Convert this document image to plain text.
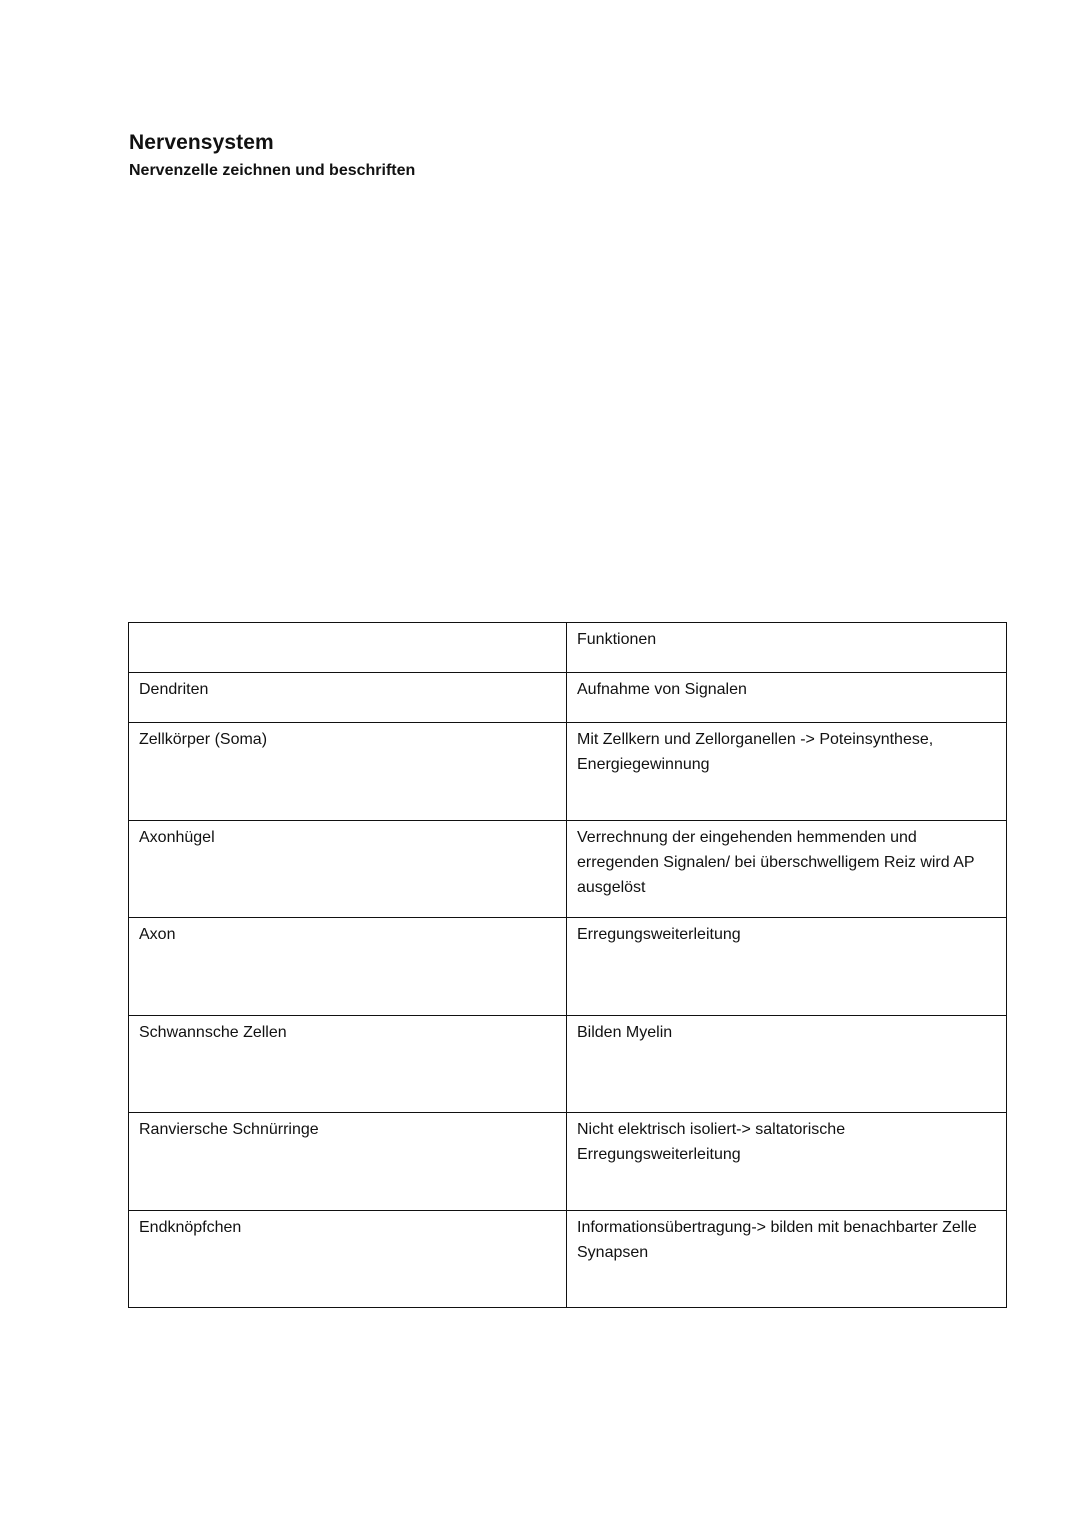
Nervensystem
Nervenzelle zeichnen und beschriften
	Funktionen
Dendriten	Aufnahme von Signalen
Zellkörper (Soma)	Mit Zellkern und Zellorganellen -> Poteinsynthese, Energiegewinnung
Axonhügel	Verrechnung der eingehenden hemmenden und erregenden Signalen/ bei überschwelligem Reiz wird AP ausgelöst
Axon	Erregungsweiterleitung
Schwannsche Zellen	Bilden Myelin
Ranviersche Schnürringe	Nicht elektrisch isoliert-> saltatorische Erregungsweiterleitung
Endknöpfchen	Informationsübertragung-> bilden mit benachbarter Zelle Synapsen
